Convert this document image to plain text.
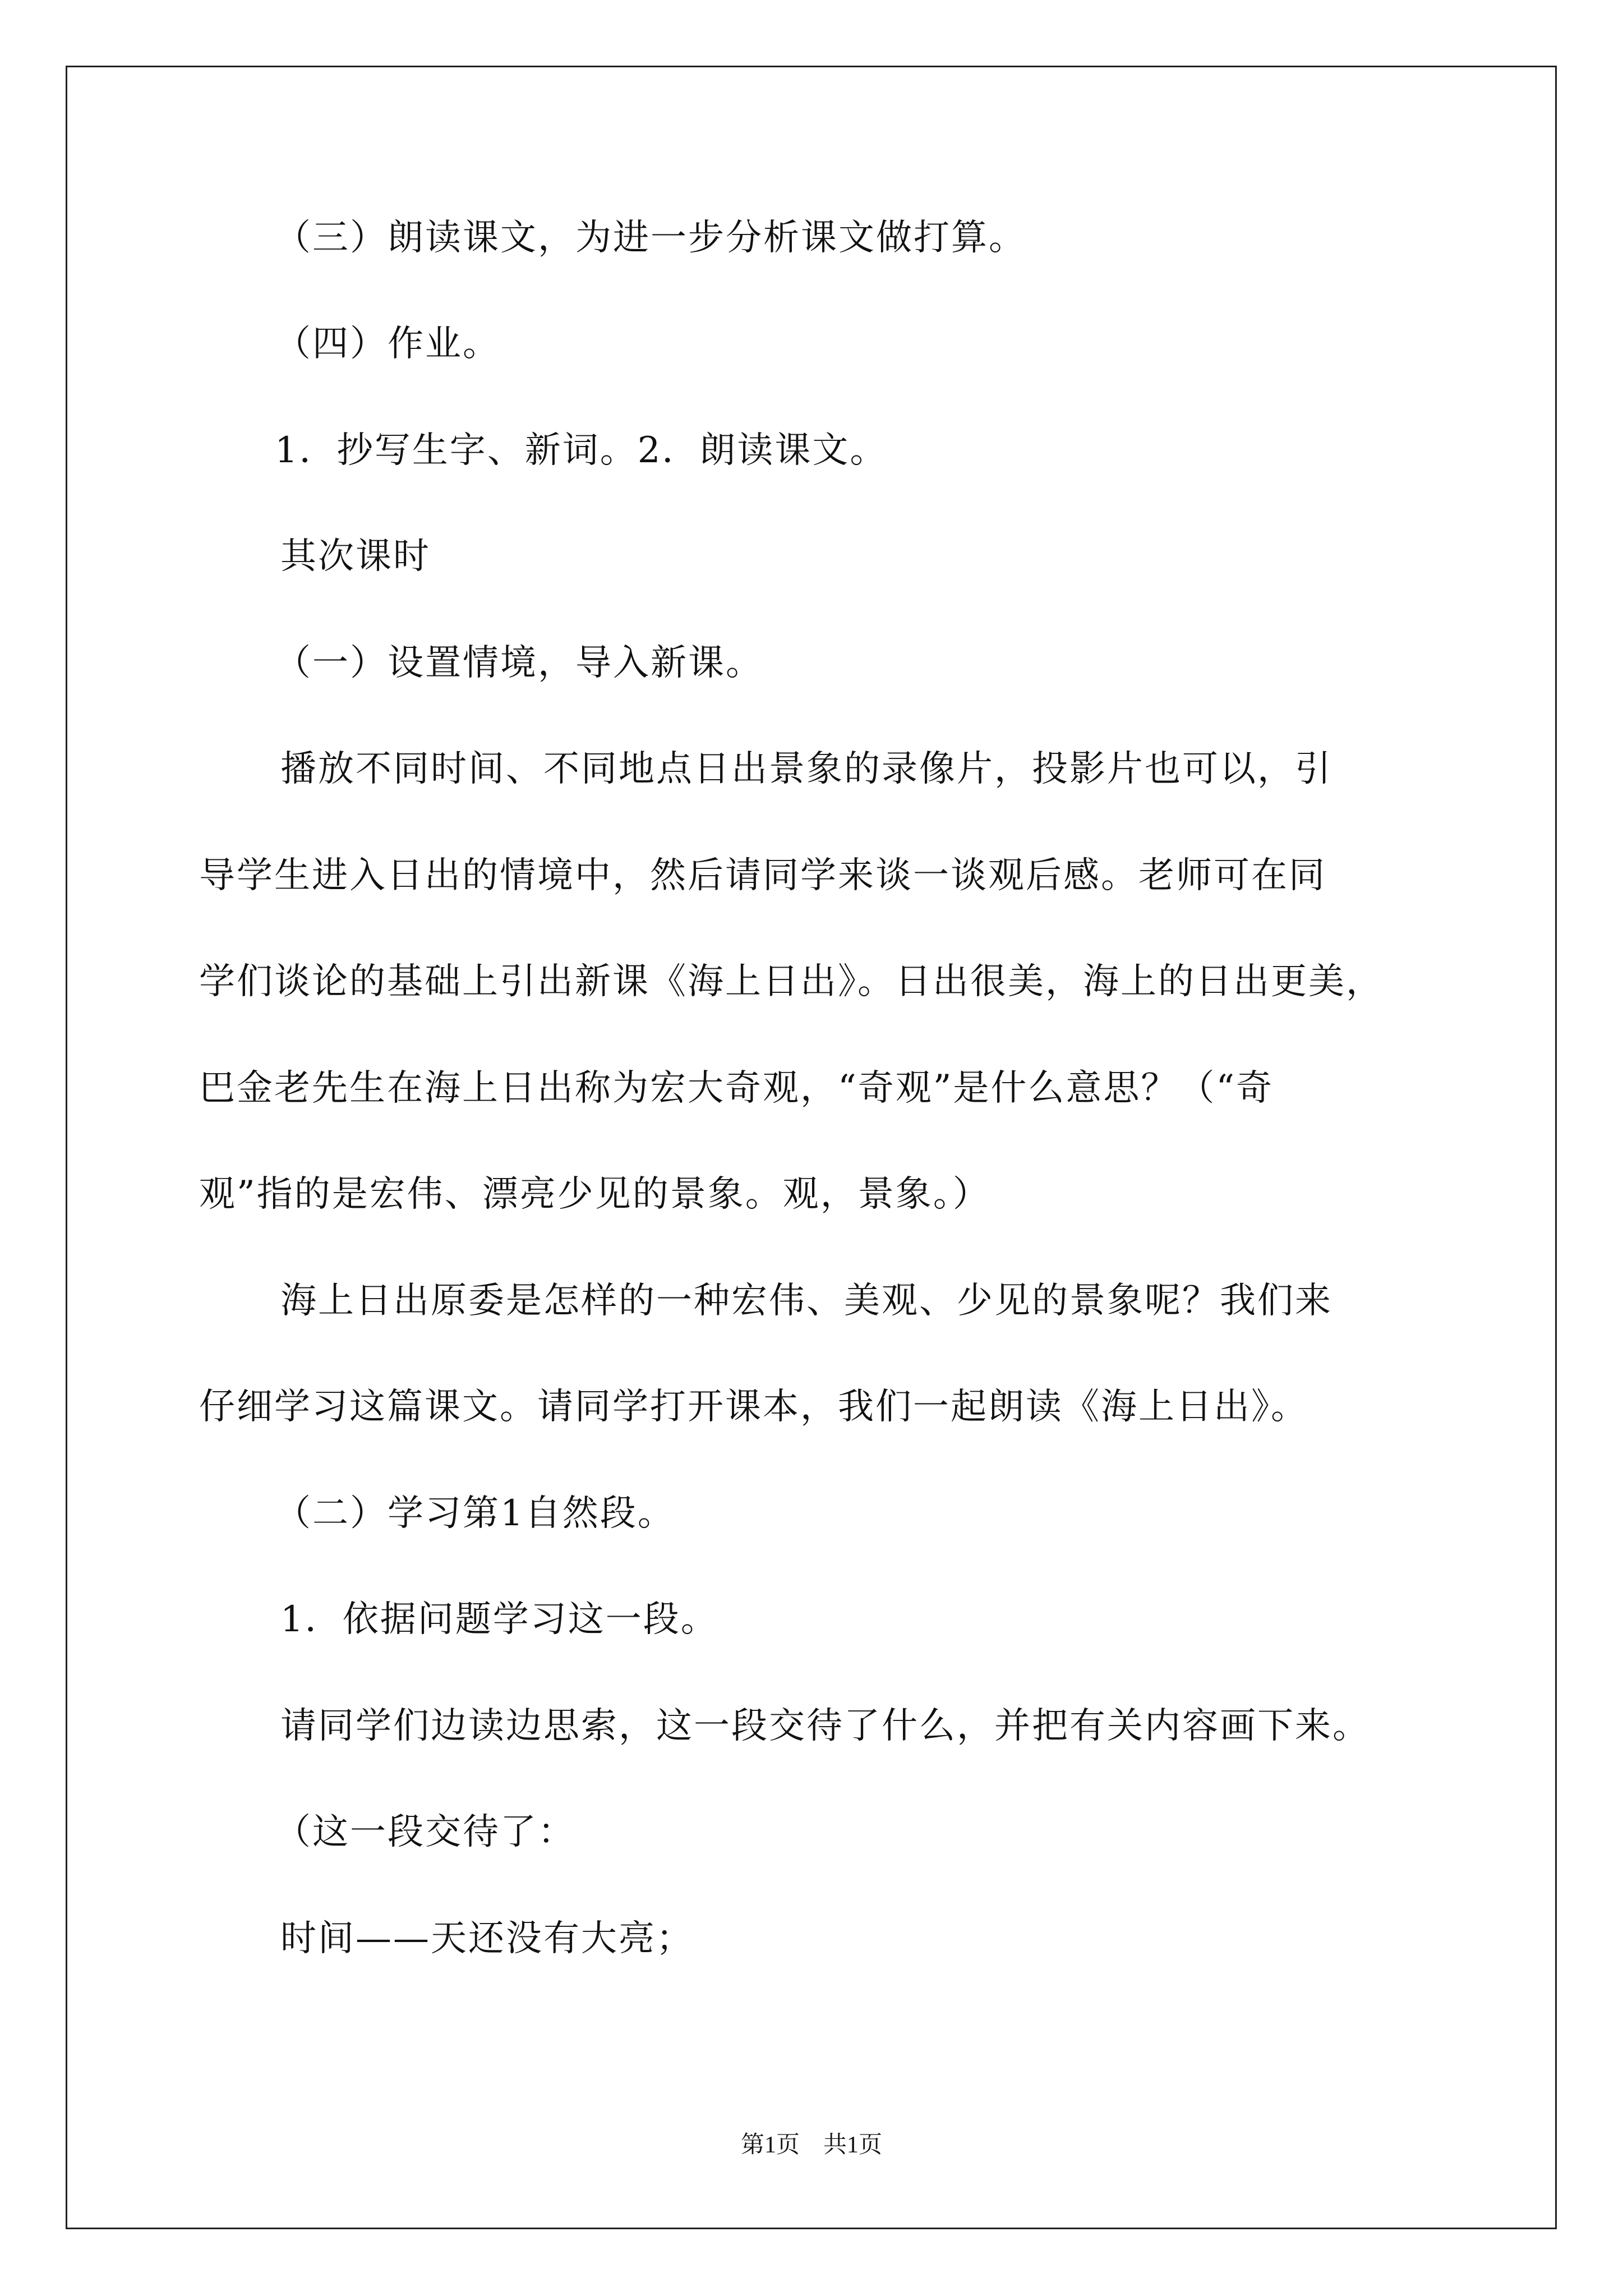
（三）朗读课文，为进一步分析课文做打算。
（四）作业。
1．抄写生字、新词。2．朗读课文。
其次课时
（一）设置情境，导入新课。
播放不同时间、不同地点日出景象的录像片，投影片也可以，引
导学生进入日出的情境中，然后请同学来谈一谈观后感。老师可在同
学们谈论的基础上引出新课《海上日出》。日出很美，海上的日出更美，
巴金老先生在海上日出称为宏大奇观，“奇观”是什么意思？（“奇
观”指的是宏伟、漂亮少见的景象。观，景象。）
海上日出原委是怎样的一种宏伟、美观、少见的景象呢？我们来
仔细学习这篇课文。请同学打开课本，我们一起朗读《海上日出》。
（二）学习第1自然段。
1．依据问题学习这一段。
请同学们边读边思索，这一段交待了什么，并把有关内容画下来。
（这一段交待了：
时间——天还没有大亮；
第1页　共1页
